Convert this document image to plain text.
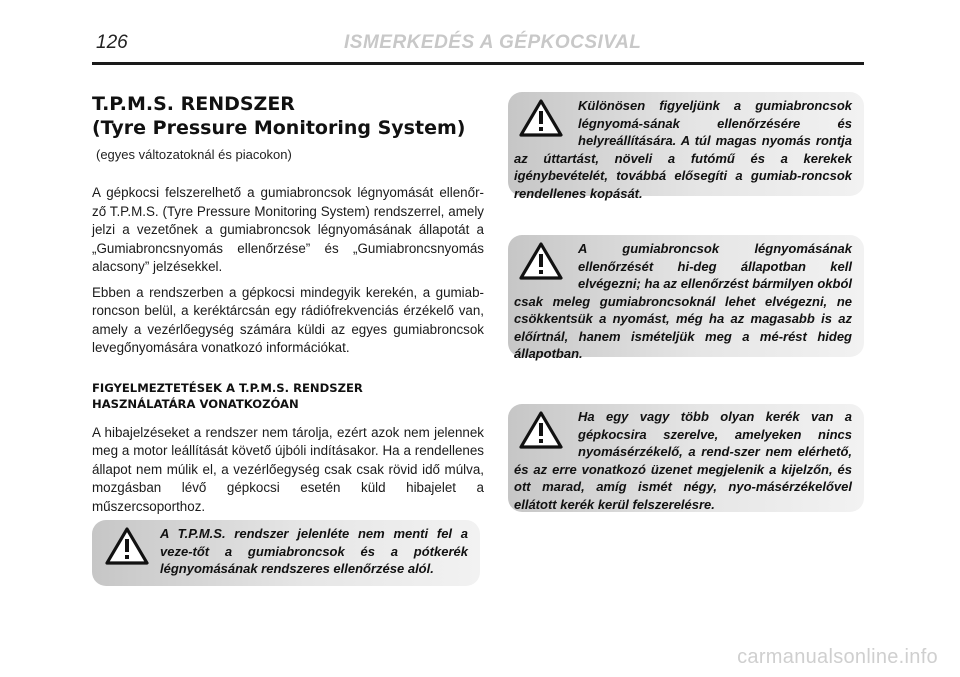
126	ISMERKEDÉS A GÉPKOCSIVAL
T.P.M.S. RENDSZER
(Tyre Pressure Monitoring System)

(egyes változatoknál és piacokon)

A gépkocsi felszerelhető a gumiabroncsok légnyomását ellenőr-ző T.P.M.S. (Tyre Pressure Monitoring System) rendszerrel, amely jelzi a vezetőnek a gumiabroncsok légnyomásának állapotát a „Gumiabroncsnyomás ellenőrzése” és „Gumiabroncsnyomás alacsony” jelzésekkel.

Ebben a rendszerben a gépkocsi mindegyik kerekén, a gumiab-roncson belül, a keréktárcsán egy rádiófrekvenciás érzékelő van, amely a vezérlőegység számára küldi az egyes gumiabroncsok levegőnyomására vonatkozó információkat.

FIGYELMEZTETÉSEK A T.P.M.S. RENDSZER
HASZNÁLATÁRA VONATKOZÓAN

A hibajelzéseket a rendszer nem tárolja, ezért azok nem jelennek meg a motor leállítását követő újbóli indításakor. Ha a rendellenes állapot nem múlik el, a vezérlőegység csak csak rövid idő múlva, mozgásban lévő gépkocsi esetén küld hibajelet a műszercsoporthoz.

A T.P.M.S. rendszer jelenléte nem menti fel a veze-tőt a gumiabroncsok és a pótkerék légnyomásának rendszeres ellenőrzése alól.

Különösen figyeljünk a gumiabroncsok légnyomá-sának ellenőrzésére és helyreállítására. A túl magas nyomás rontja az úttartást, növeli a futómű és a kerekek igénybevételét, továbbá elősegíti a gumiab-roncsok rendellenes kopását.

A gumiabroncsok légnyomásának ellenőrzését hi-deg állapotban kell elvégezni; ha az ellenőrzést bármilyen okból csak meleg gumiabroncsoknál lehet elvégezni, ne csökkentsük a nyomást, még ha az magasabb is az előírtnál, hanem ismételjük meg a mé-rést hideg állapotban.

Ha egy vagy több olyan kerék van a gépkocsira szerelve, amelyeken nincs nyomásérzékelő, a rend-szer nem elérhető, és az erre vonatkozó üzenet megjelenik a kijelzőn, és ott marad, amíg ismét négy, nyo-másérzékelővel ellátott kerék kerül felszerelésre.

carmanualsonline.info
